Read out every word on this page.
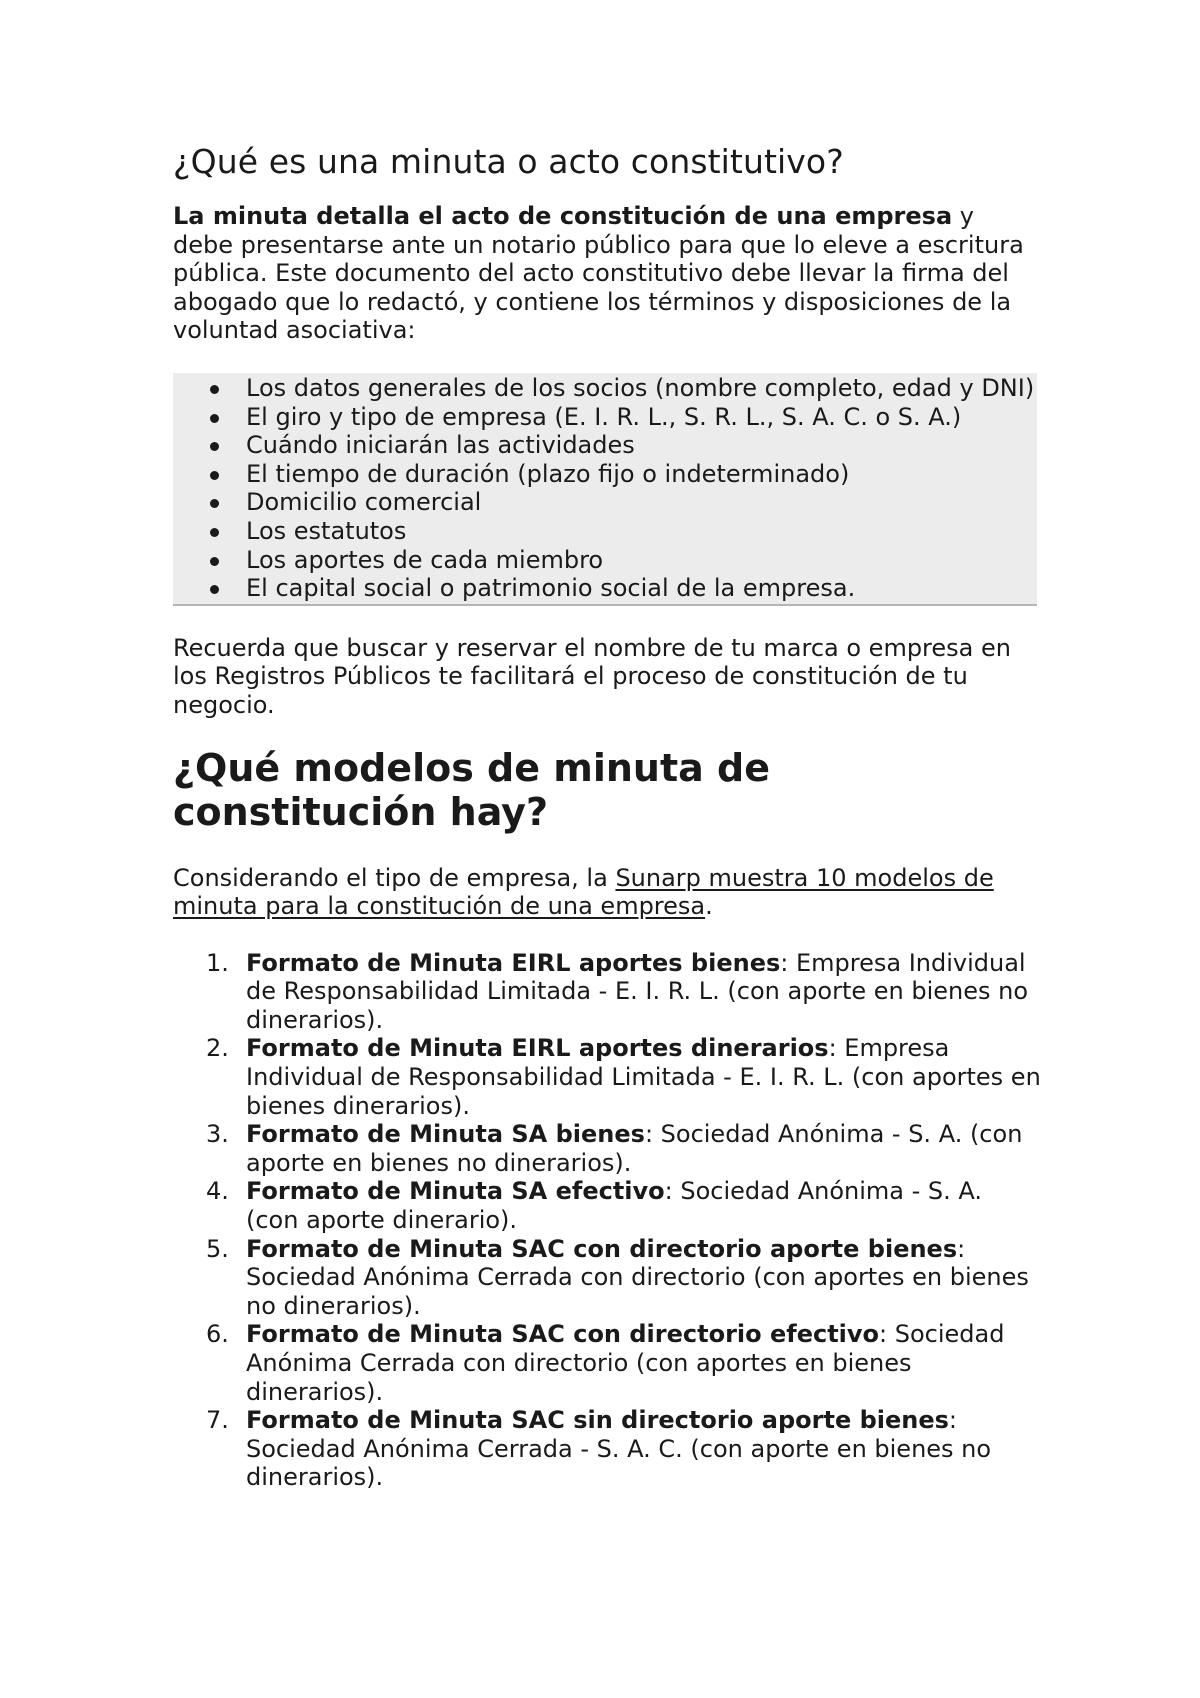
¿Qué es una minuta o acto constitutivo?

La minuta detalla el acto de constitución de una empresa y debe presentarse ante un notario público para que lo eleve a escritura pública. Este documento del acto constitutivo debe llevar la firma del abogado que lo redactó, y contiene los términos y disposiciones de la voluntad asociativa:

Los datos generales de los socios (nombre completo, edad y DNI)
El giro y tipo de empresa (E. I. R. L., S. R. L., S. A. C. o S. A.)
Cuándo iniciarán las actividades
El tiempo de duración (plazo fijo o indeterminado)
Domicilio comercial
Los estatutos
Los aportes de cada miembro
El capital social o patrimonio social de la empresa.

Recuerda que buscar y reservar el nombre de tu marca o empresa en los Registros Públicos te facilitará el proceso de constitución de tu negocio.

¿Qué modelos de minuta de constitución hay?

Considerando el tipo de empresa, la Sunarp muestra 10 modelos de minuta para la constitución de una empresa.

1. Formato de Minuta EIRL aportes bienes: Empresa Individual de Responsabilidad Limitada - E. I. R. L. (con aporte en bienes no dinerarios).
2. Formato de Minuta EIRL aportes dinerarios: Empresa Individual de Responsabilidad Limitada - E. I. R. L. (con aportes en bienes dinerarios).
3. Formato de Minuta SA bienes: Sociedad Anónima - S. A. (con aporte en bienes no dinerarios).
4. Formato de Minuta SA efectivo: Sociedad Anónima - S. A. (con aporte dinerario).
5. Formato de Minuta SAC con directorio aporte bienes: Sociedad Anónima Cerrada con directorio (con aportes en bienes no dinerarios).
6. Formato de Minuta SAC con directorio efectivo: Sociedad Anónima Cerrada con directorio (con aportes en bienes dinerarios).
7. Formato de Minuta SAC sin directorio aporte bienes: Sociedad Anónima Cerrada - S. A. C. (con aporte en bienes no dinerarios).
